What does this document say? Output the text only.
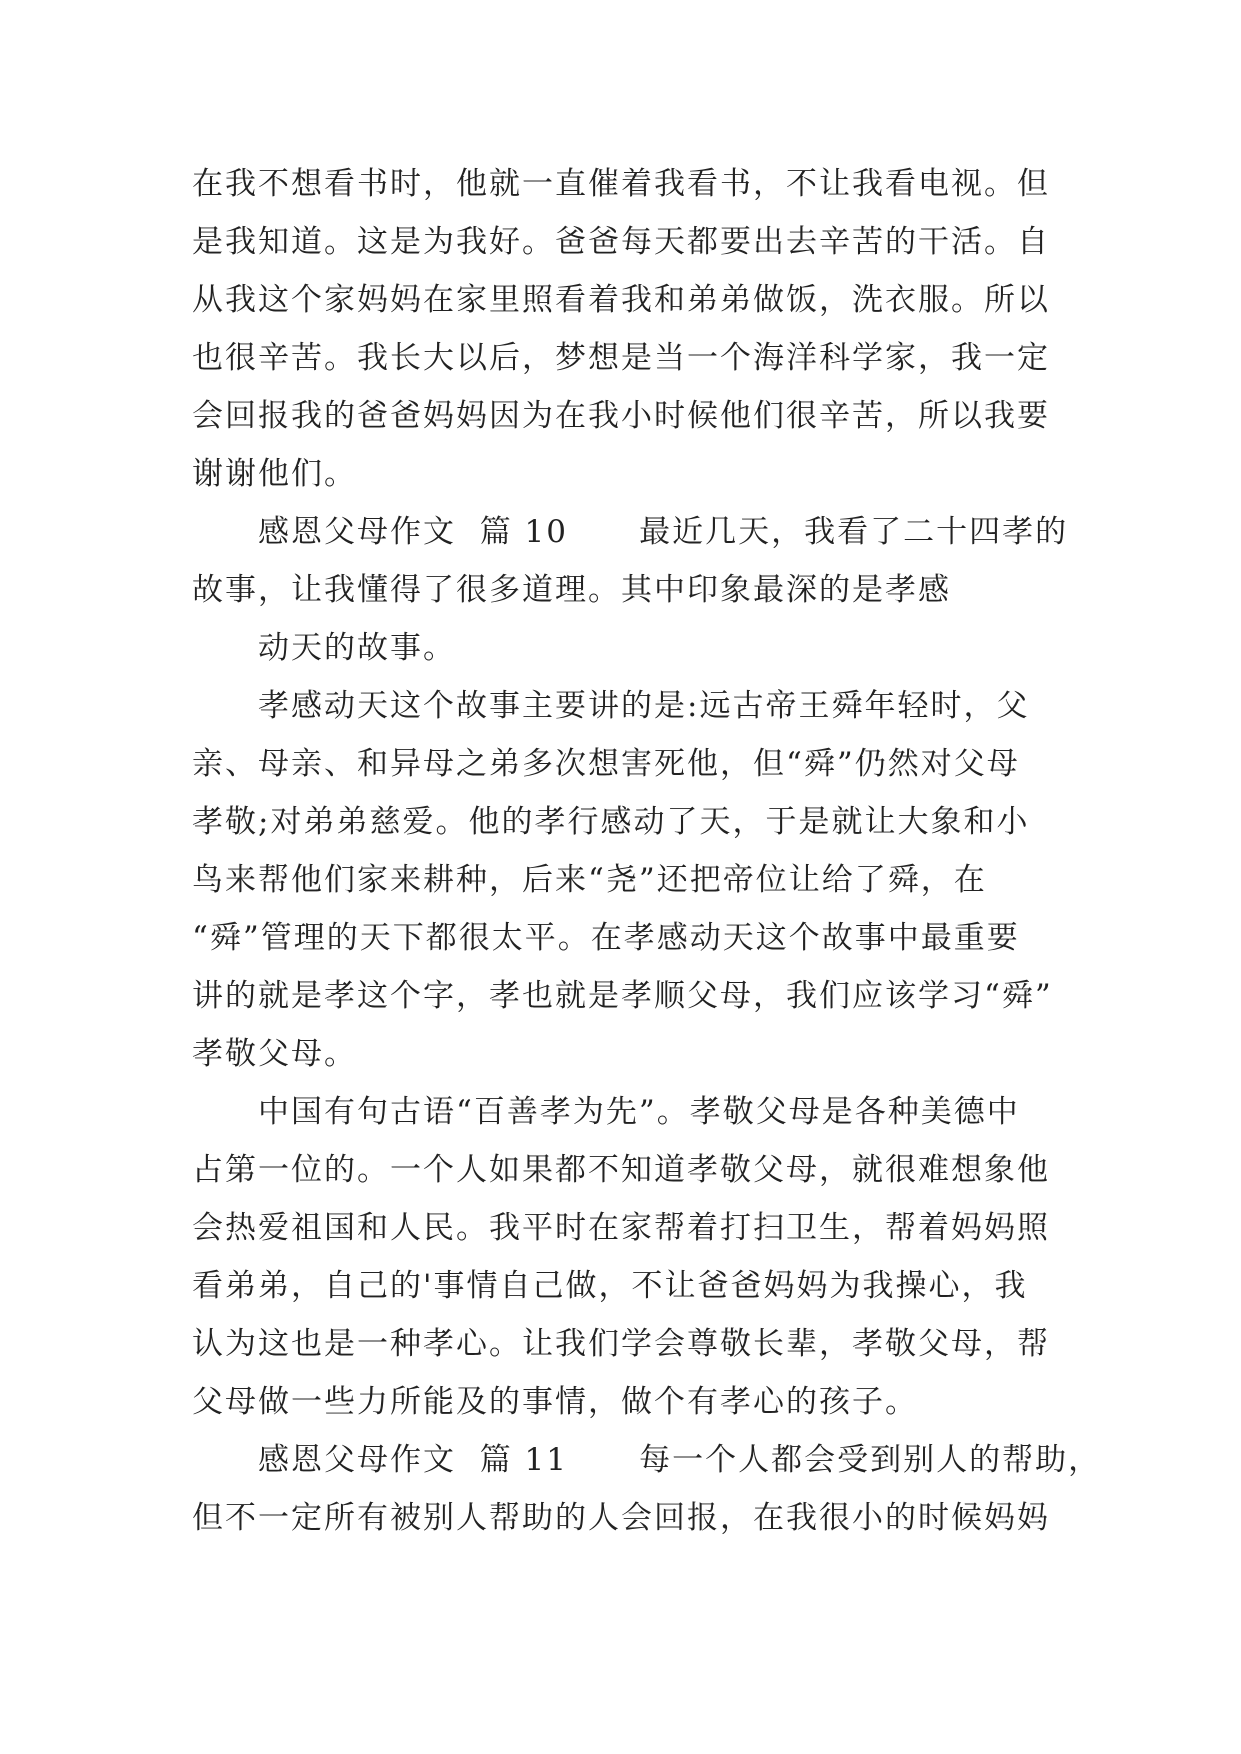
在我不想看书时，他就一直催着我看书，不让我看电视。但
是我知道。这是为我好。爸爸每天都要出去辛苦的干活。自
从我这个家妈妈在家里照看着我和弟弟做饭，洗衣服。所以
也很辛苦。我长大以后，梦想是当一个海洋科学家，我一定
会回报我的爸爸妈妈因为在我小时候他们很辛苦，所以我要
谢谢他们。
感恩父母作文  篇 10      最近几天，我看了二十四孝的
故事，让我懂得了很多道理。其中印象最深的是孝感
动天的故事。
孝感动天这个故事主要讲的是:远古帝王舜年轻时，父
亲、母亲、和异母之弟多次想害死他，但“舜”仍然对父母
孝敬;对弟弟慈爱。他的孝行感动了天，于是就让大象和小
鸟来帮他们家来耕种，后来“尧”还把帝位让给了舜，在
“舜”管理的天下都很太平。在孝感动天这个故事中最重要
讲的就是孝这个字，孝也就是孝顺父母，我们应该学习“舜”
孝敬父母。
中国有句古语“百善孝为先”。孝敬父母是各种美德中
占第一位的。一个人如果都不知道孝敬父母，就很难想象他
会热爱祖国和人民。我平时在家帮着打扫卫生，帮着妈妈照
看弟弟，自己的'事情自己做，不让爸爸妈妈为我操心，我
认为这也是一种孝心。让我们学会尊敬长辈，孝敬父母，帮
父母做一些力所能及的事情，做个有孝心的孩子。
感恩父母作文  篇 11      每一个人都会受到别人的帮助，
但不一定所有被别人帮助的人会回报，在我很小的时候妈妈
